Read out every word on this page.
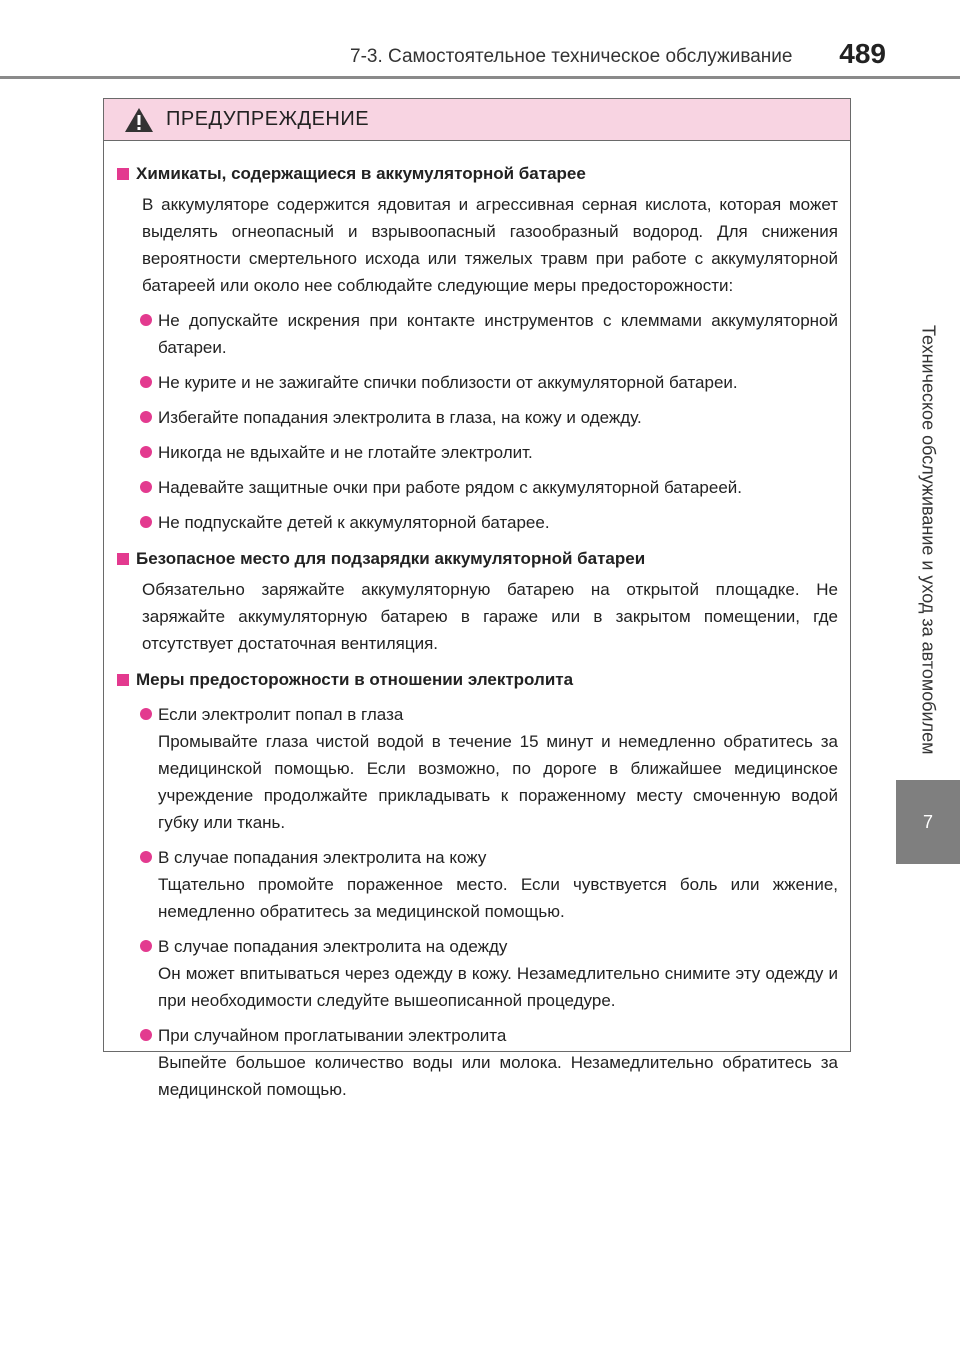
7-3. Самостоятельное техническое обслуживание	489
Техническое обслуживание и уход за автомобилем
7
ПРЕДУПРЕЖДЕНИЕ
Химикаты, содержащиеся в аккумуляторной батарее
В аккумуляторе содержится ядовитая и агрессивная серная кислота, которая может выделять огнеопасный и взрывоопасный газообразный водород. Для снижения вероятности смертельного исхода или тяжелых травм при работе с аккумуляторной батареей или около нее соблюдайте следующие меры предосторожности:
Не допускайте искрения при контакте инструментов с клеммами аккумуляторной батареи.
Не курите и не зажигайте спички поблизости от аккумуляторной батареи.
Избегайте попадания электролита в глаза, на кожу и одежду.
Никогда не вдыхайте и не глотайте электролит.
Надевайте защитные очки при работе рядом с аккумуляторной батареей.
Не подпускайте детей к аккумуляторной батарее.
Безопасное место для подзарядки аккумуляторной батареи
Обязательно заряжайте аккумуляторную батарею на открытой площадке. Не заряжайте аккумуляторную батарею в гараже или в закрытом помещении, где отсутствует достаточная вентиляция.
Меры предосторожности в отношении электролита
Если электролит попал в глаза
Промывайте глаза чистой водой в течение 15 минут и немедленно обратитесь за медицинской помощью. Если возможно, по дороге в ближайшее медицинское учреждение продолжайте прикладывать к пораженному месту смоченную водой губку или ткань.
В случае попадания электролита на кожу
Тщательно промойте пораженное место. Если чувствуется боль или жжение, немедленно обратитесь за медицинской помощью.
В случае попадания электролита на одежду
Он может впитываться через одежду в кожу. Незамедлительно снимите эту одежду и при необходимости следуйте вышеописанной процедуре.
При случайном проглатывании электролита
Выпейте большое количество воды или молока. Незамедлительно обратитесь за медицинской помощью.
